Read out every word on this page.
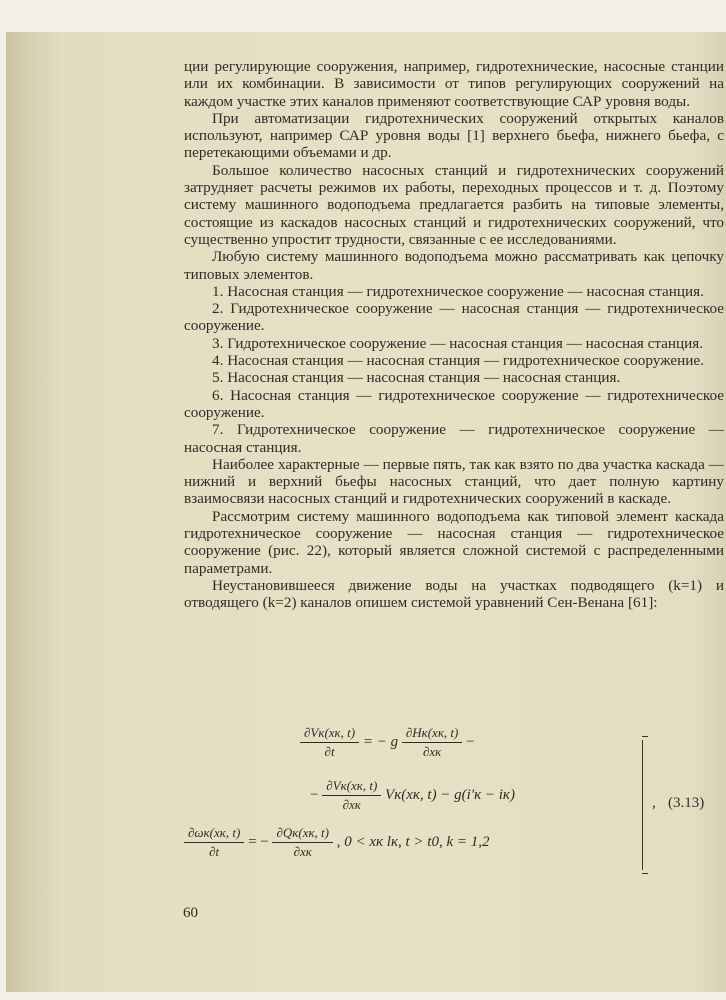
ции регулирующие сооружения, например, гидротехнические, насосные станции или их комбинации. В зависимости от типов регулирующих сооружений на каждом участке этих каналов применяют соответствующие САР уровня воды.

При автоматизации гидротехнических сооружений открытых каналов используют, например САР уровня воды [1] верхнего бьефа, нижнего бьефа, с перетекающими объемами и др.

Большое количество насосных станций и гидротехнических сооружений затрудняет расчеты режимов их работы, переходных процессов и т. д. Поэтому систему машинного водоподъема предлагается разбить на типовые элементы, состоящие из каскадов насосных станций и гидротехнических сооружений, что существенно упростит трудности, связанные с ее исследованиями.

Любую систему машинного водоподъема можно рассматривать как цепочку типовых элементов.

1. Насосная станция — гидротехническое сооружение — насосная станция.

2. Гидротехническое сооружение — насосная станция — гидротехническое сооружение.

3. Гидротехническое сооружение — насосная станция — насосная станция.

4. Насосная станция — насосная станция — гидротехническое сооружение.

5. Насосная станция — насосная станция — насосная станция.

6. Насосная станция — гидротехническое сооружение — гидротехническое сооружение.

7. Гидротехническое сооружение — гидротехническое сооружение — насосная станция.

Наиболее характерные — первые пять, так как взято по два участка каскада — нижний и верхний бьефы насосных станций, что дает полную картину взаимосвязи насосных станций и гидротехнических сооружений в каскаде.

Рассмотрим систему машинного водоподъема как типовой элемент каскада гидротехническое сооружение — насосная станция — гидротехническое сооружение (рис. 22), который является сложной системой с распределенными параметрами.

Неустановившееся движение воды на участках подводящего (k=1) и отводящего (k=2) каналов опишем системой уравнений Сен-Венана [61]:

$\frac{\partial Vк(xк, t)}{\partial t}$ = − g $\frac{\partial Hк(xк, t)}{\partial xк}$ −
− $\frac{\partial Vк(xк, t)}{\partial xк} Vк(xк$, t) − g(i′к − iк)
$\frac{\partial\omega к(xк, t)}{\partial t}$ = − $\frac{\partial Qк(xк, t)}{\partial xк}$ , 0 < xк lк, t > t0, k = 1,2
, (3.13)
60
